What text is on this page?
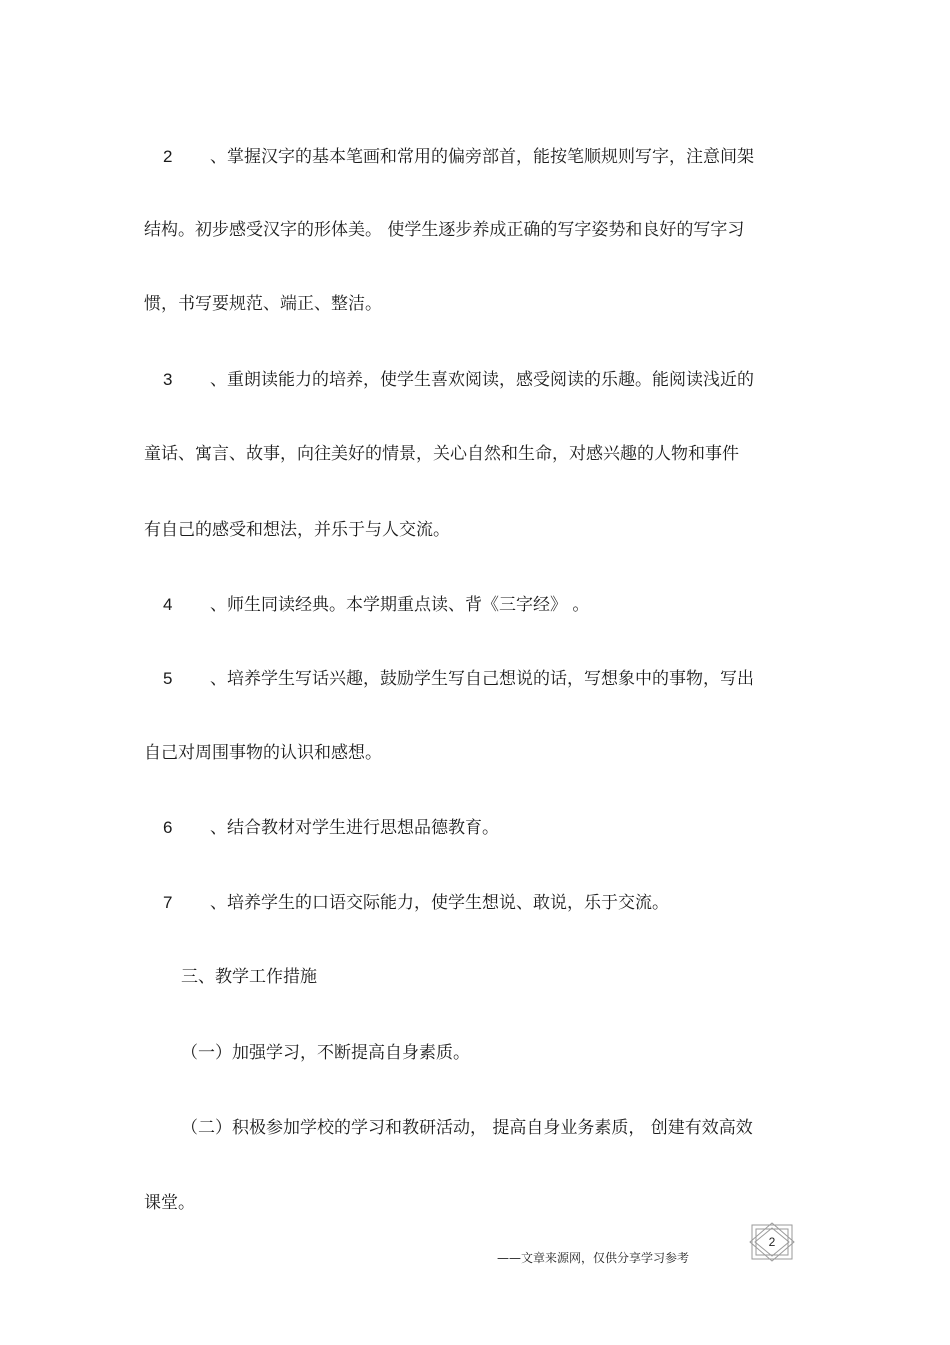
2 、掌握汉字的基本笔画和常用的偏旁部首，能按笔顺规则写字，注意间架
结构。初步感受汉字的形体美。 使学生逐步养成正确的写字姿势和良好的写字习
惯，书写要规范、端正、整洁。
3 、重朗读能力的培养，使学生喜欢阅读，感受阅读的乐趣。能阅读浅近的
童话、寓言、故事，向往美好的情景，关心自然和生命，对感兴趣的人物和事件
有自己的感受和想法，并乐于与人交流。
4 、师生同读经典。本学期重点读、背《三字经》 。
5 、培养学生写话兴趣，鼓励学生写自己想说的话，写想象中的事物，写出
自己对周围事物的认识和感想。
6 、结合教材对学生进行思想品德教育。
7 、培养学生的口语交际能力，使学生想说、敢说，乐于交流。
三、教学工作措施
（一）加强学习，不断提高自身素质。
（二）积极参加学校的学习和教研活动， 提高自身业务素质， 创建有效高效
课堂。
2
——文章来源网，仅供分享学习参考
